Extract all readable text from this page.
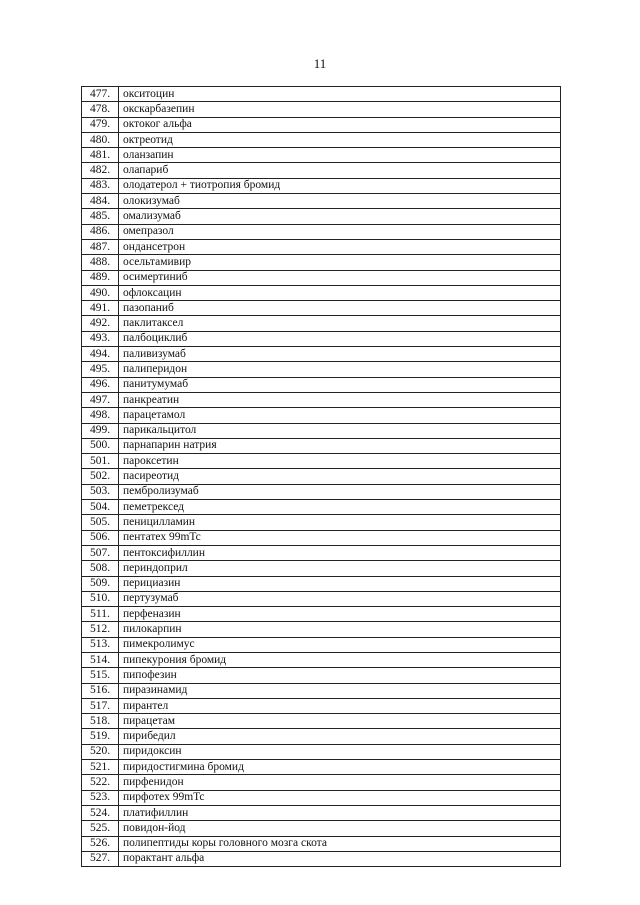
11
477.	окситоцин
478.	окскарбазепин
479.	октоког альфа
480.	октреотид
481.	оланзапин
482.	олапариб
483.	олодатерол + тиотропия бромид
484.	олокизумаб
485.	омализумаб
486.	омепразол
487.	ондансетрон
488.	осельтамивир
489.	осимертиниб
490.	офлоксацин
491.	пазопаниб
492.	паклитаксел
493.	палбоциклиб
494.	паливизумаб
495.	палиперидон
496.	панитумумаб
497.	панкреатин
498.	парацетамол
499.	парикальцитол
500.	парнапарин натрия
501.	пароксетин
502.	пасиреотид
503.	пембролизумаб
504.	пеметрексед
505.	пеницилламин
506.	пентатех 99mTc
507.	пентоксифиллин
508.	периндоприл
509.	перициазин
510.	пертузумаб
511.	перфеназин
512.	пилокарпин
513.	пимекролимус
514.	пипекурония бромид
515.	пипофезин
516.	пиразинамид
517.	пирантел
518.	пирацетам
519.	пирибедил
520.	пиридоксин
521.	пиридостигмина бромид
522.	пирфенидон
523.	пирфотех 99mTc
524.	платифиллин
525.	повидон-йод
526.	полипептиды коры головного мозга скота
527.	порактант альфа
